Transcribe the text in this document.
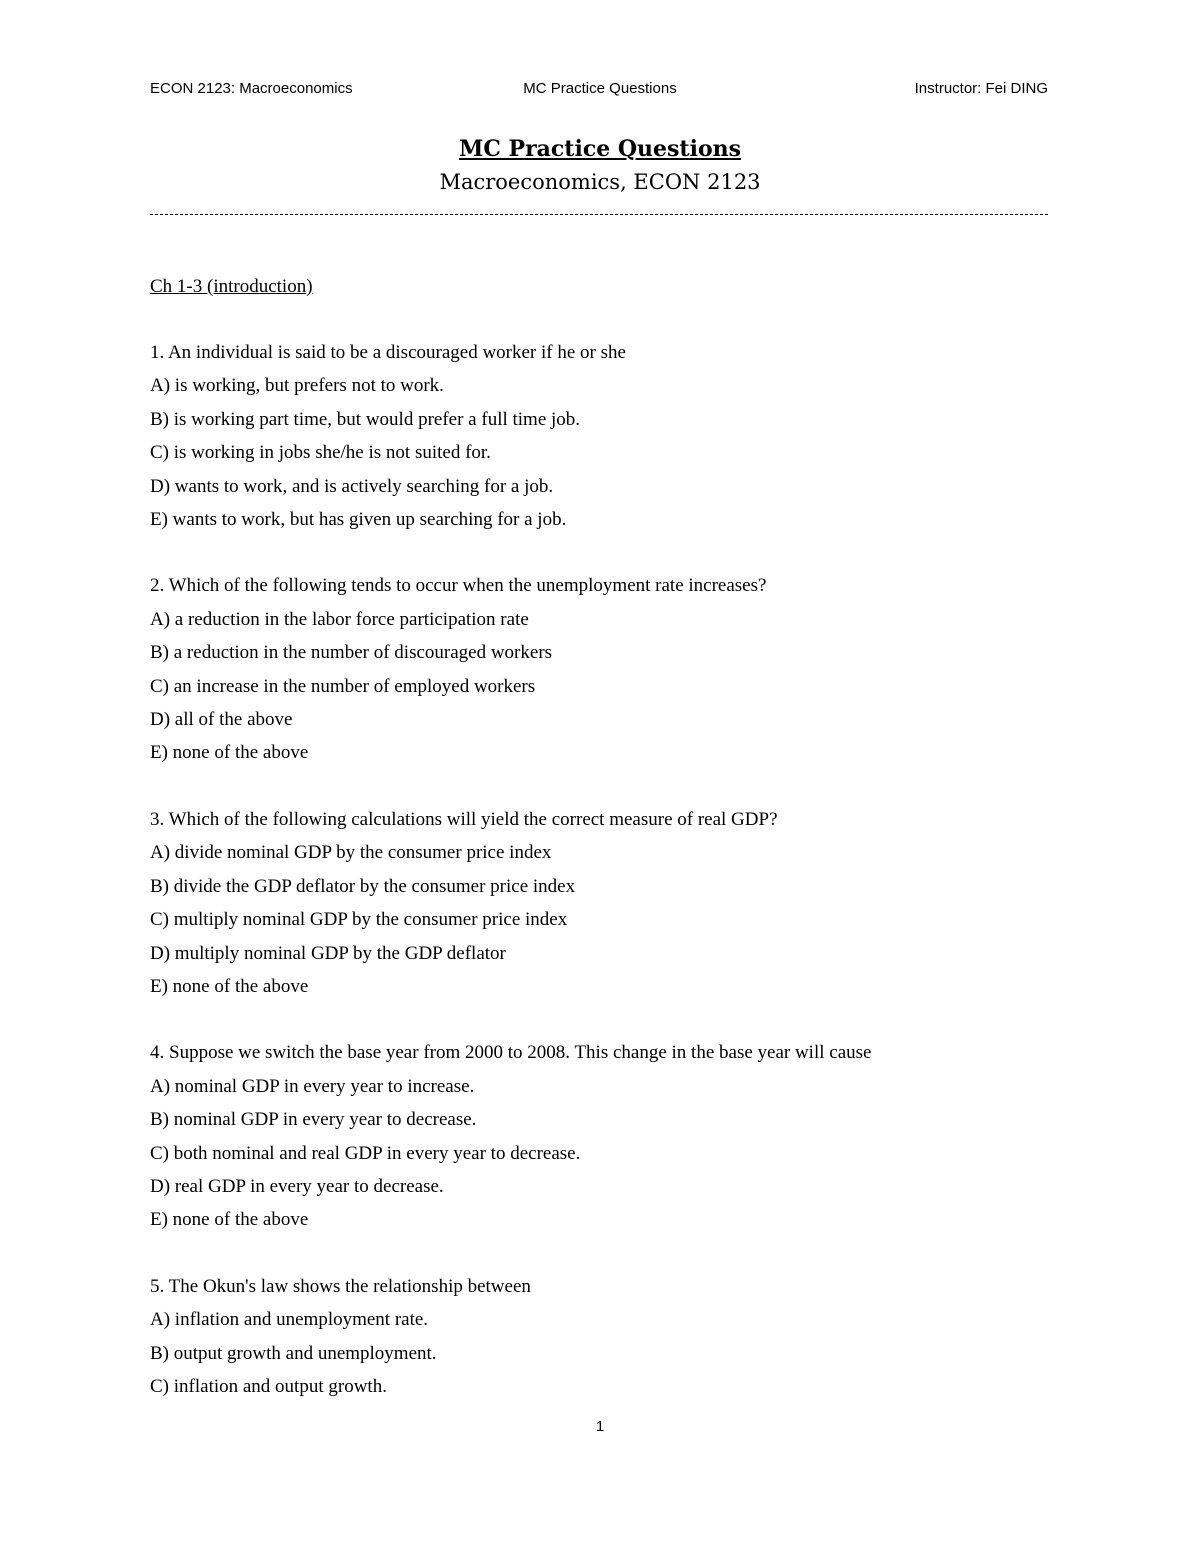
ECON 2123: Macroeconomics	MC Practice Questions	Instructor: Fei DING
MC Practice Questions
Macroeconomics, ECON 2123
Ch 1-3 (introduction)
1. An individual is said to be a discouraged worker if he or she
A) is working, but prefers not to work.
B) is working part time, but would prefer a full time job.
C) is working in jobs she/he is not suited for.
D) wants to work, and is actively searching for a job.
E) wants to work, but has given up searching for a job.
2. Which of the following tends to occur when the unemployment rate increases?
A) a reduction in the labor force participation rate
B) a reduction in the number of discouraged workers
C) an increase in the number of employed workers
D) all of the above
E) none of the above
3. Which of the following calculations will yield the correct measure of real GDP?
A) divide nominal GDP by the consumer price index
B) divide the GDP deflator by the consumer price index
C) multiply nominal GDP by the consumer price index
D) multiply nominal GDP by the GDP deflator
E) none of the above
4. Suppose we switch the base year from 2000 to 2008. This change in the base year will cause
A) nominal GDP in every year to increase.
B) nominal GDP in every year to decrease.
C) both nominal and real GDP in every year to decrease.
D) real GDP in every year to decrease.
E) none of the above
5. The Okun's law shows the relationship between
A) inflation and unemployment rate.
B) output growth and unemployment.
C) inflation and output growth.
1
